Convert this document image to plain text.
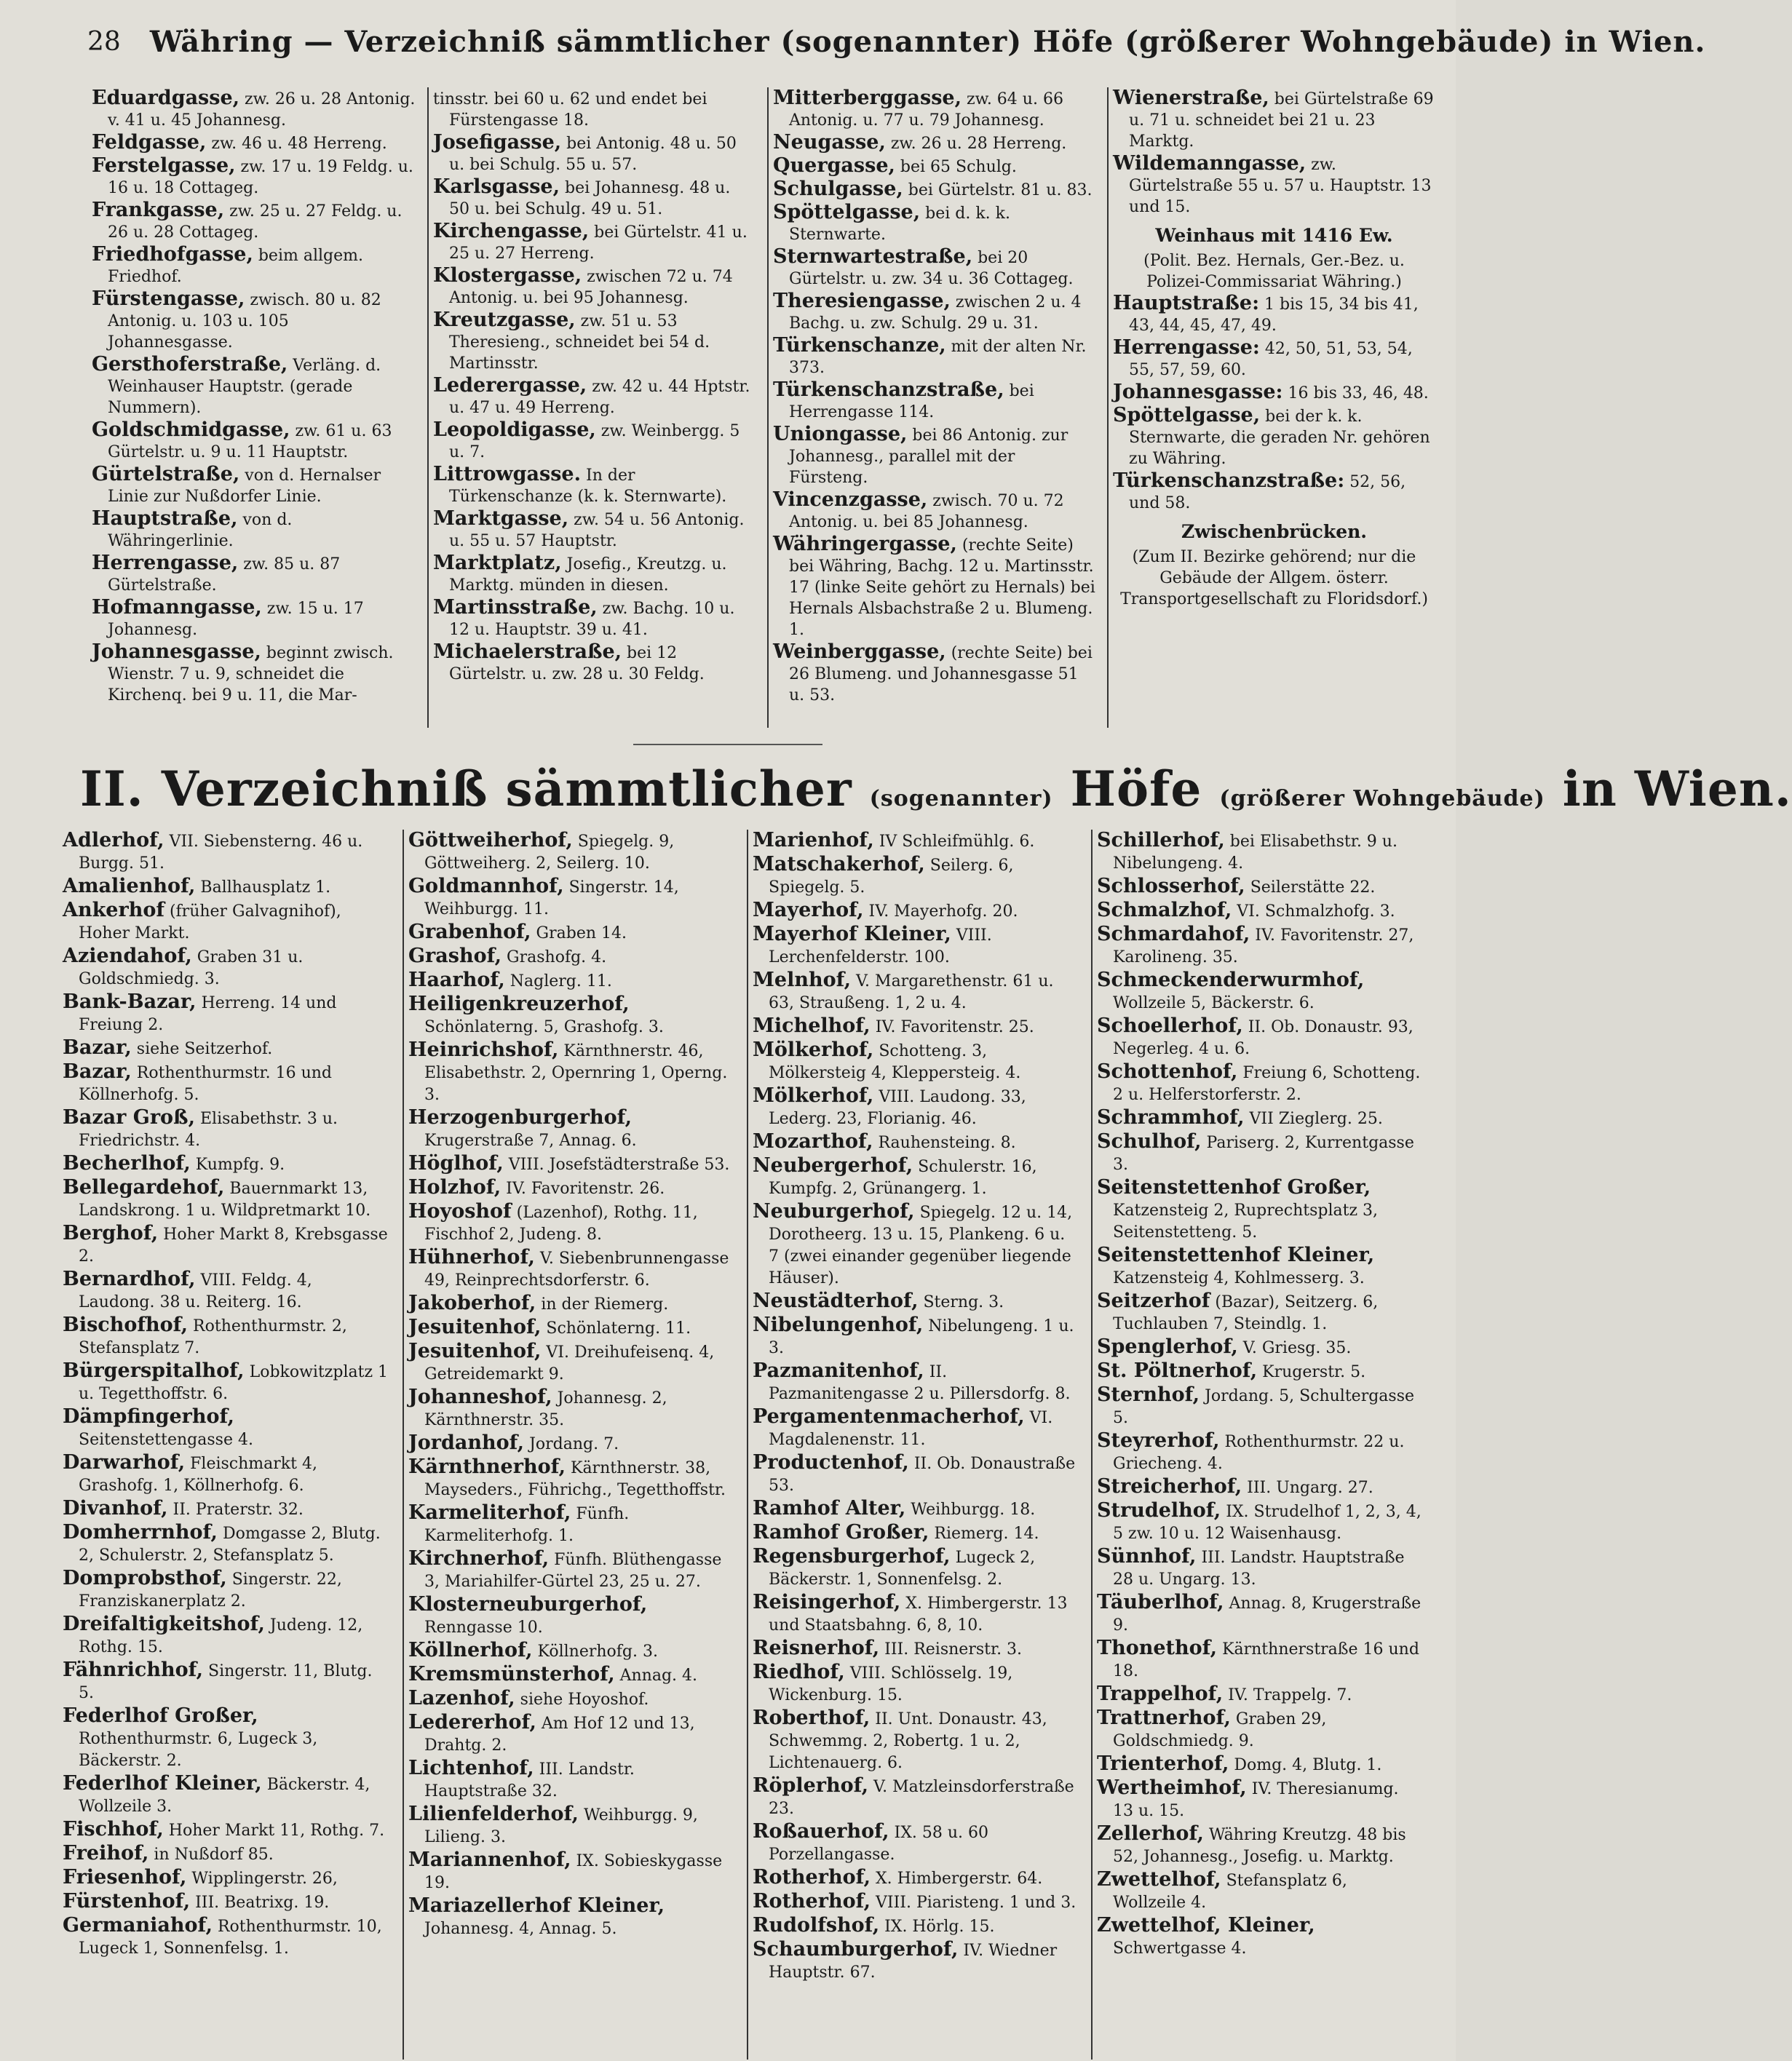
28 Währing — Verzeichniß sämmtlicher (sogenannter) Höfe (größerer Wohngebäude) in Wien.
Eduardgasse, zw. 26 u. 28 Antonig. v. 41 u. 45 Johannesg.
Feldgasse, zw. 46 u. 48 Herreng.
Ferstelgasse, zw. 17 u. 19 Feldg. u. 16 u. 18 Cottageg.
Frankgasse, zw. 25 u. 27 Feldg. u. 26 u. 28 Cottageg.
Friedhofgasse, beim allgem. Friedhof.
Fürstengasse, zwisch. 80 u. 82 Antonig. u. 103 u. 105 Johannesgasse.
Gersthoferstraße, Verläng. d. Weinhauser Hauptstr. (gerade Nummern).
Goldschmidgasse, zw. 61 u. 63 Gürtelstr. u. 9 u. 11 Hauptstr.
Gürtelstraße, von d. Hernalser Linie zur Nußdorfer Linie.
Hauptstraße, von d. Währingerlinie.
Herrengasse, zw. 85 u. 87 Gürtelstraße.
Hofmanngasse, zw. 15 u. 17 Johannesg.
Johannesgasse, beginnt zwisch. Wienstr. 7 u. 9, schneidet die Kirchenq. bei 9 u. 11, die Mar-
tinsstr. bei 60 u. 62 und endet bei Fürstengasse 18.
Josefigasse, bei Antonig. 48 u. 50 u. bei Schulg. 55 u. 57.
Karlsgasse, bei Johannesg. 48 u. 50 u. bei Schulg. 49 u. 51.
Kirchengasse, bei Gürtelstr. 41 u. 25 u. 27 Herreng.
Klostergasse, zwischen 72 u. 74 Antonig. u. bei 95 Johannesg.
Kreutzgasse, zw. 51 u. 53 Theresieng., schneidet bei 54 d. Martinsstr.
Lederergasse, zw. 42 u. 44 Hptstr. u. 47 u. 49 Herreng.
Leopoldigasse, zw. Weinbergg. 5 u. 7.
Littrowgasse. In der Türkenschanze (k. k. Sternwarte).
Marktgasse, zw. 54 u. 56 Antonig. u. 55 u. 57 Hauptstr.
Marktplatz, Josefig., Kreutzg. u. Marktg. münden in diesen.
Martinsstraße, zw. Bachg. 10 u. 12 u. Hauptstr. 39 u. 41.
Michaelerstraße, bei 12 Gürtelstr. u. zw. 28 u. 30 Feldg.
Mitterberggasse, zw. 64 u. 66 Antonig. u. 77 u. 79 Johannesg.
Neugasse, zw. 26 u. 28 Herreng.
Quergasse, bei 65 Schulg.
Schulgasse, bei Gürtelstr. 81 u. 83.
Spöttelgasse, bei d. k. k. Sternwarte.
Sternwartestraße, bei 20 Gürtelstr. u. zw. 34 u. 36 Cottageg.
Theresiengasse, zwischen 2 u. 4 Bachg. u. zw. Schulg. 29 u. 31.
Türkenschanze, mit der alten Nr. 373.
Türkenschanzstraße, bei Herrengasse 114.
Uniongasse, bei 86 Antonig. zur Johannesg., parallel mit der Fürsteng.
Vincenzgasse, zwisch. 70 u. 72 Antonig. u. bei 85 Johannesg.
Währingergasse, (rechte Seite) bei Währing, Bachg. 12 u. Martinsstr. 17 (linke Seite gehört zu Hernals) bei Hernals Alsbachstraße 2 u. Blumeng. 1.
Weinberggasse, (rechte Seite) bei 26 Blumeng. und Johannesgasse 51 u. 53.
Wienerstraße, bei Gürtelstraße 69 u. 71 u. schneidet bei 21 u. 23 Marktg.
Wildemanngasse, zw. Gürtelstraße 55 u. 57 u. Hauptstr. 13 und 15.
Weinhaus mit 1416 Ew.
(Polit. Bez. Hernals, Ger.-Bez. u. Polizei-Commissariat Währing.)
Hauptstraße: 1 bis 15, 34 bis 41, 43, 44, 45, 47, 49.
Herrengasse: 42, 50, 51, 53, 54, 55, 57, 59, 60.
Johannesgasse: 16 bis 33, 46, 48.
Spöttelgasse, bei der k. k. Sternwarte, die geraden Nr. gehören zu Währing.
Türkenschanzstraße: 52, 56, und 58.
Zwischenbrücken.
(Zum II. Bezirke gehörend; nur die Gebäude der Allgem. österr. Transportgesellschaft zu Floridsdorf.)
II. Verzeichniß sämmtlicher (sogenannter) Höfe (größerer Wohngebäude) in Wien.
Adlerhof, VII. Siebensterng. 46 u. Burgg. 51.
Amalienhof, Ballhausplatz 1.
Ankerhof (früher Galvagnihof), Hoher Markt.
Aziendahof, Graben 31 u. Goldschmiedg. 3.
Bank-Bazar, Herreng. 14 und Freiung 2.
Bazar, siehe Seitzerhof.
Bazar, Rothenthurmstr. 16 und Köllnerhofg. 5.
Bazar Groß, Elisabethstr. 3 u. Friedrichstr. 4.
Becherlhof, Kumpfg. 9.
Bellegardehof, Bauernmarkt 13, Landskrong. 1 u. Wildpretmarkt 10.
Berghof, Hoher Markt 8, Krebsgasse 2.
Bernardhof, VIII. Feldg. 4, Laudong. 38 u. Reiterg. 16.
Bischofhof, Rothenthurmstr. 2, Stefansplatz 7.
Bürgerspitalhof, Lobkowitzplatz 1 u. Tegetthoffstr. 6.
Dämpfingerhof, Seitenstettengasse 4.
Darwarhof, Fleischmarkt 4, Grashofg. 1, Köllnerhofg. 6.
Divanhof, II. Praterstr. 32.
Domherrnhof, Domgasse 2, Blutg. 2, Schulerstr. 2, Stefansplatz 5.
Domprobsthof, Singerstr. 22, Franziskanerplatz 2.
Dreifaltigkeitshof, Judeng. 12, Rothg. 15.
Fähnrichhof, Singerstr. 11, Blutg. 5.
Federlhof Großer, Rothenthurmstr. 6, Lugeck 3, Bäckerstr. 2.
Federlhof Kleiner, Bäckerstr. 4, Wollzeile 3.
Fischhof, Hoher Markt 11, Rothg. 7.
Freihof, in Nußdorf 85.
Friesenhof, Wipplingerstr. 26,
Fürstenhof, III. Beatrixg. 19.
Germaniahof, Rothenthurmstr. 10, Lugeck 1, Sonnenfelsg. 1.
Göttweiherhof, Spiegelg. 9, Göttweiherg. 2, Seilerg. 10.
Goldmannhof, Singerstr. 14, Weihburgg. 11.
Grabenhof, Graben 14.
Grashof, Grashofg. 4.
Haarhof, Naglerg. 11.
Heiligenkreuzerhof, Schönlaterng. 5, Grashofg. 3.
Heinrichshof, Kärnthnerstr. 46, Elisabethstr. 2, Opernring 1, Operng. 3.
Herzogenburgerhof, Krugerstraße 7, Annag. 6.
Höglhof, VIII. Josefstädterstraße 53.
Holzhof, IV. Favoritenstr. 26.
Hoyoshof (Lazenhof), Rothg. 11, Fischhof 2, Judeng. 8.
Hühnerhof, V. Siebenbrunnengasse 49, Reinprechtsdorferstr. 6.
Jakoberhof, in der Riemerg.
Jesuitenhof, Schönlaterng. 11.
Jesuitenhof, VI. Dreihufeisenq. 4, Getreidemarkt 9.
Johanneshof, Johannesg. 2, Kärnthnerstr. 35.
Jordanhof, Jordang. 7.
Kärnthnerhof, Kärnthnerstr. 38, Mayseders., Führichg., Tegetthoffstr.
Karmeliterhof, Fünfh. Karmeliterhofg. 1.
Kirchnerhof, Fünfh. Blüthengasse 3, Mariahilfer-Gürtel 23, 25 u. 27.
Klosterneuburgerhof, Renngasse 10.
Köllnerhof, Köllnerhofg. 3.
Kremsmünsterhof, Annag. 4.
Lazenhof, siehe Hoyoshof.
Ledererhof, Am Hof 12 und 13, Drahtg. 2.
Lichtenhof, III. Landstr. Hauptstraße 32.
Lilienfelderhof, Weihburgg. 9, Lilieng. 3.
Mariannenhof, IX. Sobieskygasse 19.
Mariazellerhof Kleiner, Johannesg. 4, Annag. 5.
Marienhof, IV Schleifmühlg. 6.
Matschakerhof, Seilerg. 6, Spiegelg. 5.
Mayerhof, IV. Mayerhofg. 20.
Mayerhof Kleiner, VIII. Lerchenfelderstr. 100.
Melnhof, V. Margarethenstr. 61 u. 63, Straußeng. 1, 2 u. 4.
Michelhof, IV. Favoritenstr. 25.
Mölkerhof, Schotteng. 3, Mölkersteig 4, Kleppersteig. 4.
Mölkerhof, VIII. Laudong. 33, Lederg. 23, Florianig. 46.
Mozarthof, Rauhensteing. 8.
Neubergerhof, Schulerstr. 16, Kumpfg. 2, Grünangerg. 1.
Neuburgerhof, Spiegelg. 12 u. 14, Dorotheerg. 13 u. 15, Plankeng. 6 u. 7 (zwei einander gegenüber liegende Häuser).
Neustädterhof, Sterng. 3.
Nibelungenhof, Nibelungeng. 1 u. 3.
Pazmanitenhof, II. Pazmanitengasse 2 u. Pillersdorfg. 8.
Pergamentenmacherhof, VI. Magdalenenstr. 11.
Productenhof, II. Ob. Donaustraße 53.
Ramhof Alter, Weihburgg. 18.
Ramhof Großer, Riemerg. 14.
Regensburgerhof, Lugeck 2, Bäckerstr. 1, Sonnenfelsg. 2.
Reisingerhof, X. Himbergerstr. 13 und Staatsbahng. 6, 8, 10.
Reisnerhof, III. Reisnerstr. 3.
Riedhof, VIII. Schlösselg. 19, Wickenburg. 15.
Roberthof, II. Unt. Donaustr. 43, Schwemmg. 2, Robertg. 1 u. 2, Lichtenauerg. 6.
Röplerhof, V. Matzleinsdorferstraße 23.
Roßauerhof, IX. 58 u. 60 Porzellangasse.
Rotherhof, X. Himbergerstr. 64.
Rotherhof, VIII. Piaristeng. 1 und 3.
Rudolfshof, IX. Hörlg. 15.
Schaumburgerhof, IV. Wiedner Hauptstr. 67.
Schillerhof, bei Elisabethstr. 9 u. Nibelungeng. 4.
Schlosserhof, Seilerstätte 22.
Schmalzhof, VI. Schmalzhofg. 3.
Schmardahof, IV. Favoritenstr. 27, Karolineng. 35.
Schmeckenderwurmhof, Wollzeile 5, Bäckerstr. 6.
Schoellerhof, II. Ob. Donaustr. 93, Negerleg. 4 u. 6.
Schottenhof, Freiung 6, Schotteng. 2 u. Helferstorferstr. 2.
Schrammhof, VII Zieglerg. 25.
Schulhof, Pariserg. 2, Kurrentgasse 3.
Seitenstettenhof Großer, Katzensteig 2, Ruprechtsplatz 3, Seitenstetteng. 5.
Seitenstettenhof Kleiner, Katzensteig 4, Kohlmesserg. 3.
Seitzerhof (Bazar), Seitzerg. 6, Tuchlauben 7, Steindlg. 1.
Spenglerhof, V. Griesg. 35.
St. Pöltnerhof, Krugerstr. 5.
Sternhof, Jordang. 5, Schultergasse 5.
Steyrerhof, Rothenthurmstr. 22 u. Griecheng. 4.
Streicherhof, III. Ungarg. 27.
Strudelhof, IX. Strudelhof 1, 2, 3, 4, 5 zw. 10 u. 12 Waisenhausg.
Sünnhof, III. Landstr. Hauptstraße 28 u. Ungarg. 13.
Täuberlhof, Annag. 8, Krugerstraße 9.
Thonethof, Kärnthnerstraße 16 und 18.
Trappelhof, IV. Trappelg. 7.
Trattnerhof, Graben 29, Goldschmiedg. 9.
Trienterhof, Domg. 4, Blutg. 1.
Wertheimhof, IV. Theresianumg. 13 u. 15.
Zellerhof, Währing Kreutzg. 48 bis 52, Johannesg., Josefig. u. Marktg.
Zwettelhof, Stefansplatz 6, Wollzeile 4.
Zwettelhof, Kleiner, Schwertgasse 4.
